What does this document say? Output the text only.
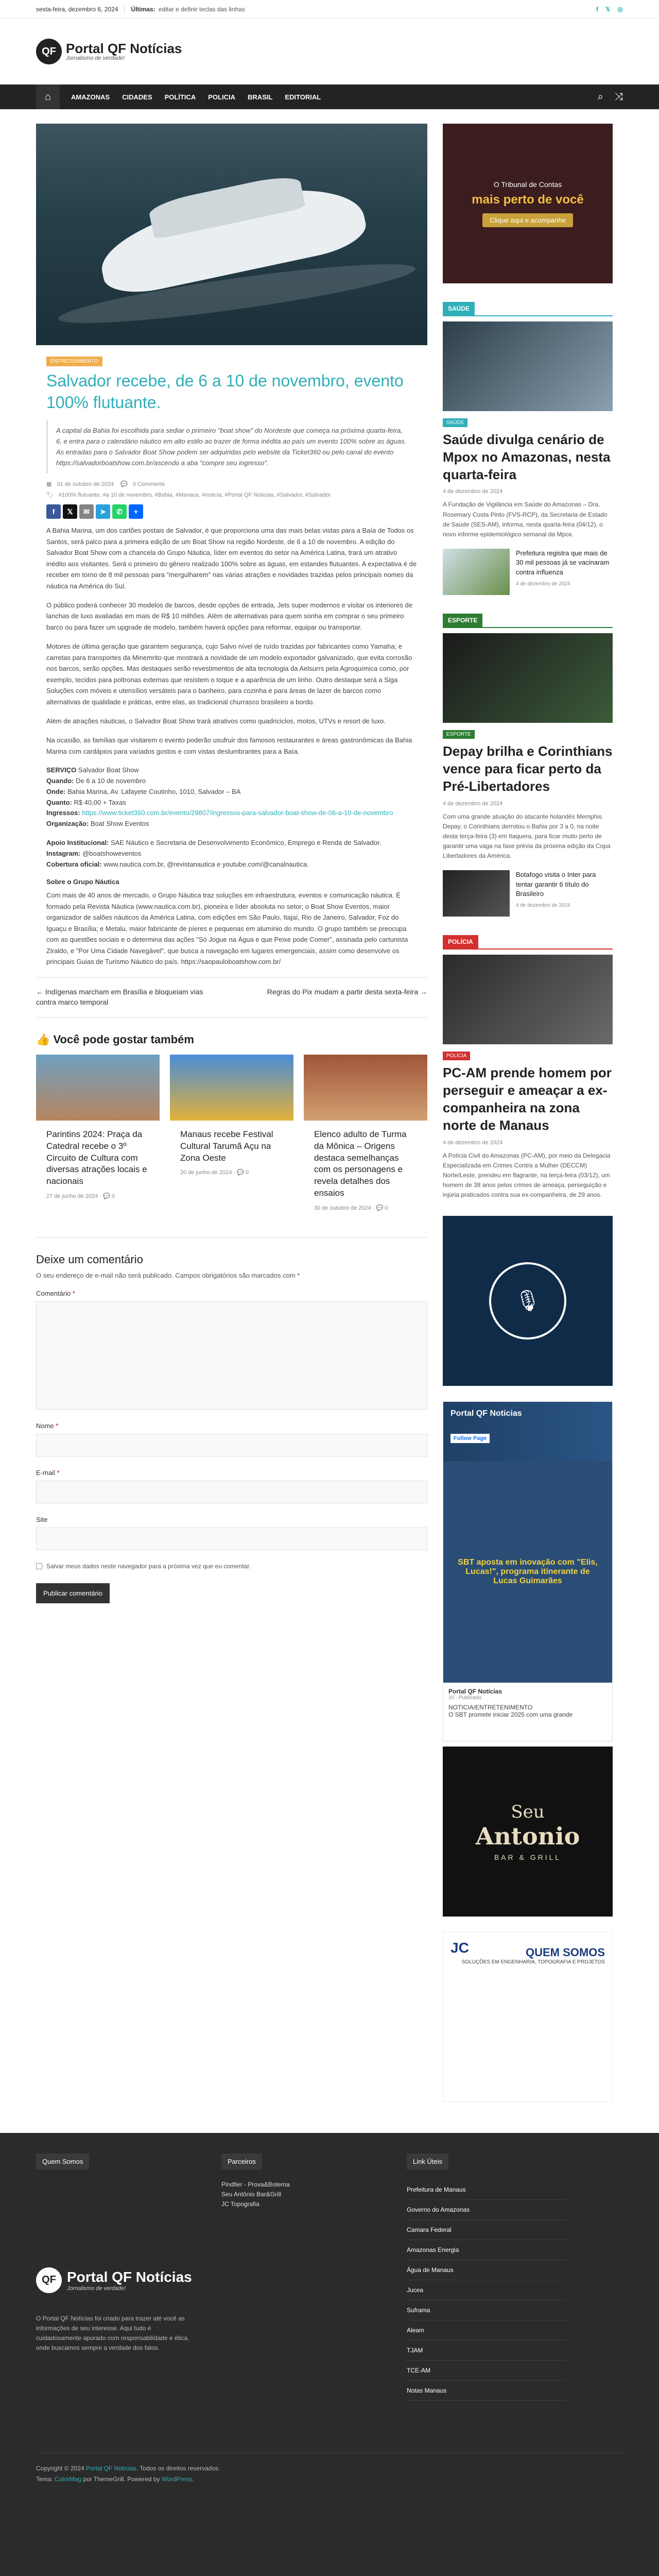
sexta-feira, dezembro 6, 2024	Últimas: editar e definir teclas das linhas	f 𝕏 ◎
QF Portal QF Notícias
Jornalismo de verdade!
⌂	AMAZONAS	CIDADES	POLÍTICA	POLICIA	BRASIL	EDITORIAL	⌕ ⤨
ENTRETENIMENTO
Salvador recebe, de 6 a 10 de novembro, evento 100% flutuante.
A capital da Bahia foi escolhida para sediar o primeiro "boat show" do Nordeste que começa na próxima quarta-feira, 6, e entra para o calendário náutico em alto estilo ao trazer de forma inédita ao país um evento 100% sobre as águas. As entradas para o Salvador Boat Show podem ser adquiridas pelo website da Ticket360 ou pelo canal do evento https://salvadorboatshow.com.br/ascendo a aba "compre seu ingresso".
▦ 31 de outubro de 2024 💬 0 Comments
🏷 #100% flutuante, #a 10 de novembro, #Bahia, #Manaus, #noticia, #Portal QF Noticias, #Salvador, #Salvador
f	𝕏	✉	➤	✆	+

A Bahia Marina, um dos cartões postais de Salvador, é que proporciona uma das mais belas vistas para a Baía de Todos os Santos, será palco para a primeira edição de um Boat Show na região Nordeste, de 6 a 10 de novembro. A edição do Salvador Boat Show com a chancela do Grupo Náutica, líder em eventos do setor na América Latina, trará um atrativo inédito aos visitantes. Será o primeiro do gênero realizado 100% sobre as águas, em estandes flutuantes. A expectativa é de receber em torno de 8 mil pessoas para "mergulharem" nas várias atrações e novidades trazidas pelos principais nomes da náutica na América do Sul.

O público poderá conhecer 30 modelos de barcos, desde opções de entrada, Jets super modernos e visitar os interiores de lanchas de luxo avaliadas em mais de R$ 10 milhões. Além de alternativas para quem sonha em comprar o seu primeiro barco ou para fazer um upgrade de modelo, também haverá opções para reformar, equipar ou transportar.

Motores de última geração que garantem segurança, cujo Salvo nível de ruído trazidas por fabricantes como Yamaha; e carretas para transportes da Minemrito que mostrará a novidade de um modelo exportador galvanizado, que evita corrosão nos barcos, serão opções. Mas destaques serão revestimentos de alta tecnologia da Aelsurrs pela Agroquímica como, por exemplo, tecidos para poltronas externas que resistem o toque e a aparência de um linho. Outro destaque será a Siga Soluções com móveis e utensílios versáteis para o banheiro, para cozinha e para áreas de lazer de barcos como alternativas de qualidade e práticas, entre elas, as tradicional churrasco brasileiro a bordo.

Além de atrações náuticas, o Salvador Boat Show trará atrativos como quadriciclos, motos, UTVs e resort de luxo.

Na ocasião, as famílias que visitarem o evento poderão usufruir dos famosos restaurantes e áreas gastronômicas da Bahia Marina com cardápios para variados gostos e com vistas deslumbrantes para a Baía.

SERVIÇO Salvador Boat Show
Quando: De 6 a 10 de novembro
Onde: Bahia Marina, Av. Lafayete Coutinho, 1010, Salvador – BA
Quanto: R$ 40,00 + Taxas
Ingressos: https://www.ticket360.com.br/evento/29807/ingressos-para-salvador-boat-show-de-06-a-10-de-novembro
Organização: Boat Show Eventos
Apoio Institucional: SAE Náutico e Secretaria de Desenvolvimento Econômico, Emprego e Renda de Salvador.
Instagram: @boatshoweventos
Cobertura oficial: www.nautica.com.br, @revistanautica e youtube.com/@canalnautica.
Sobre o Grupo Náutica

Com mais de 40 anos de mercado, o Grupo Náutica traz soluções em infraestrutura, eventos e comunicação náutica. É formado pela Revista Náutica (www.nautica.com.br), pioneira e líder absoluta no setor; o Boat Show Eventos, maior organizador de salões náuticos da América Latina, com edições em São Paulo, Itajaí, Rio de Janeiro, Salvador, Foz do Iguaçu e Brasília; e Metalu, maior fabricante de píeres e pequenas em alumínio do mundo. O grupo também se preocupa com as questões sociais e o determina das ações "Só Jogue na Água e que Peixe pode Comer", assinada pelo cartunista Ziraldo, e "Por Uma Cidade Navegável", que busca a navegação em lugares emergenciais, assim como desenvolve os principais Guias de Turismo Náutico do país. https://saopauloboatshow.com.br/

← Indígenas marcham em Brasília e bloqueiam vias contra marco temporal
Regras do Pix mudam a partir desta sexta-feira →
👍 Você pode gostar também
Parintins 2024: Praça da Catedral recebe o 3º Circuito de Cultura com diversas atrações locais e nacionais
27 de junho de 2024 · 💬 0
Manaus recebe Festival Cultural Tarumã Açu na Zona Oeste
20 de junho de 2024 · 💬 0
Elenco adulto de Turma da Mônica – Origens destaca semelhanças com os personagens e revela detalhes dos ensaios
30 de outubro de 2024 · 💬 0
Deixe um comentário

O seu endereço de e-mail não será publicado. Campos obrigatórios são marcados com *

Comentário *
Nome *
E-mail *
Site
Salvar meus dados neste navegador para a próxima vez que eu comentar.
Publicar comentário
O Tribunal de Contas
mais perto de você
Clique aqui e acompanhe
SAÚDE
SAÚDE
Saúde divulga cenário de Mpox no Amazonas, nesta quarta-feira
4 de dezembro de 2024
A Fundação de Vigilância em Saúde do Amazonas – Dra. Rosemary Costa Pinto (FVS-RCP), da Secretaria de Estado de Saúde (SES-AM), informa, nesta quarta-feira (04/12), o novo informe epidemiológico semanal da Mpox.
Prefeitura registra que mais de 30 mil pessoas já se vacinaram contra influenza
4 de dezembro de 2024
ESPORTE
ESPORTE
Depay brilha e Corinthians vence para ficar perto da Pré-Libertadores
4 de dezembro de 2024
Com uma grande atuação do atacante holandês Memphis Depay, o Corinthians derrotou o Bahia por 3 a 0, na noite desta terça-feira (3) em Itaquera, para ficar muito perto de garantir uma vaga na fase prévia da próxima edição da Copa Libertadores da América.
Botafogo visita o Inter para tentar garantir 6 título do Brasileiro
4 de dezembro de 2024
POLÍCIA
POLÍCIA
PC-AM prende homem por perseguir e ameaçar a ex-companheira na zona norte de Manaus
4 de dezembro de 2024
A Polícia Civil do Amazonas (PC-AM), por meio da Delegacia Especializada em Crimes Contra a Mulher (DECCM) Norte/Leste, prendeu em flagrante, na terça-feira (03/12), um homem de 38 anos pelos crimes de ameaça, perseguição e injúria praticados contra sua ex-companheira, de 29 anos.
🎙
Portal QF Noticias
Follow Page
SBT aposta em inovação com "Elis, Lucas!", programa itinerante de Lucas Guimarães
Portal QF Notícias
1h · Publicado
NOTICIA/ENTRETENIMENTO
O SBT promete iniciar 2025 com uma grande
Seu
Antonio
BAR & GRILL
JC	QUEM SOMOS
SOLUÇÕES EM ENGENHARIA, TOPOGRAFIA E PROJETOS
Quem Somos
QF Portal QF Notícias
Jornalismo de verdade!
O Portal QF Notícias foi criado para trazer até você as informações de seu interesse. Aqui tudo é cuidadosamente apurado com responsabilidade e ética, onde buscamos sempre a verdade dos fatos.
Parceiros
Pindfier - Prova&Boterna
Seu Antônio Bar&Grill
JC Topografia
Link Úteis
Prefeitura de Manaus
Governo do Amazonas
Camara Federal
Amazonas Energia
Água de Manaus
Jucea
Suframa
Aleam
TJAM
TCE-AM
Notas Manaus
Copyright © 2024 Portal QF Notícias. Todos os direitos reservados.
Tema: ColorMag por ThemeGrill. Powered by WordPress.
